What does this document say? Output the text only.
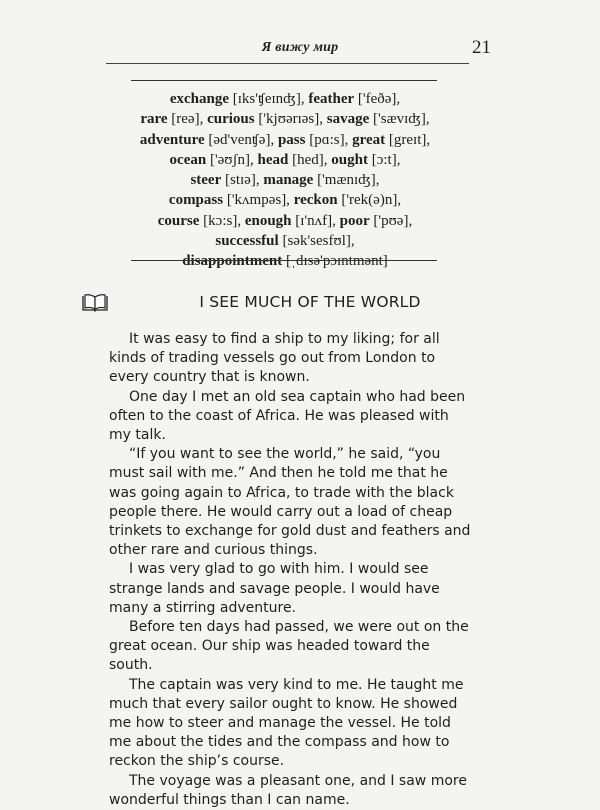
Я вижу мир	21
exchange [ɪks'ʧeɪnʤ], feather ['feðə],
rare [reə], curious ['kjʊərɪəs], savage ['sævɪʤ],
adventure [əd'venʧə], pass [pɑ:s], great [greɪt],
ocean ['əʊʃn], head [hed], ought [ɔ:t],
steer [stɪə], manage ['mænɪʤ],
compass ['kʌmpəs], reckon ['rek(ə)n],
course [kɔ:s], enough [ɪ'nʌf], poor ['pʊə],
successful [sək'sesfʊl],
disappointment [ˌdɪsə'pɔɪntmənt]
I SEE MUCH OF THE WORLD

It was easy to find a ship to my liking; for all kinds of trading vessels go out from London to every country that is known.

One day I met an old sea captain who had been often to the coast of Africa. He was pleased with my talk.

“If you want to see the world,” he said, “you must sail with me.” And then he told me that he was going again to Africa, to trade with the black people there. He would carry out a load of cheap trinkets to exchange for gold dust and feathers and other rare and curious things.

I was very glad to go with him. I would see strange lands and savage people. I would have many a stirring adventure.

Before ten days had passed, we were out on the great ocean. Our ship was headed toward the south.

The captain was very kind to me. He taught me much that every sailor ought to know. He showed me how to steer and manage the vessel. He told me about the tides and the compass and how to reckon the ship’s course.

The voyage was a pleasant one, and I saw more wonderful things than I can name.
